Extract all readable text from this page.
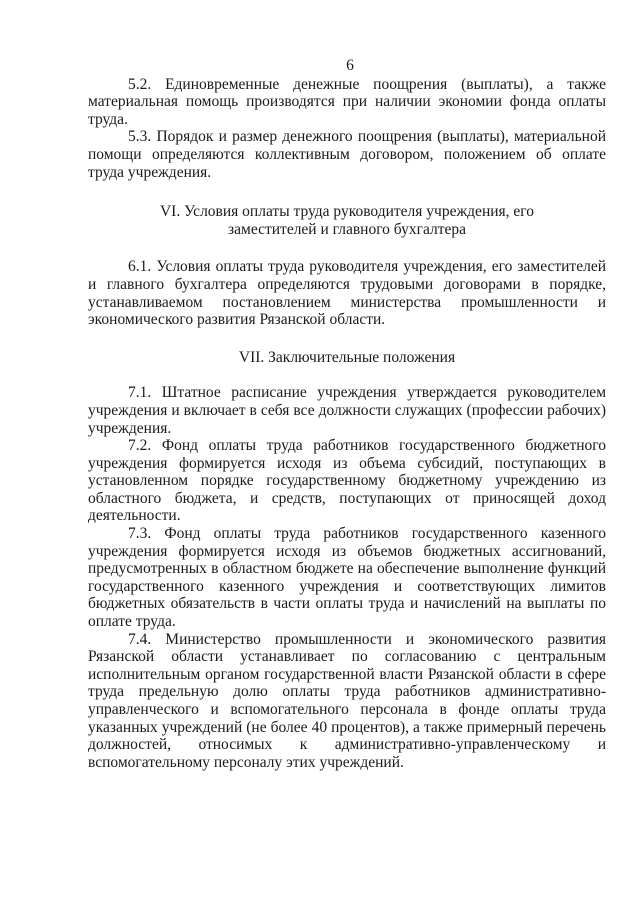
6

5.2. Единовременные денежные поощрения (выплаты), а также материальная помощь производятся при наличии экономии фонда оплаты труда.

5.3. Порядок и размер денежного поощрения (выплаты), материальной помощи определяются коллективным договором, положением об оплате труда учреждения.

VI. Условия оплаты труда руководителя учреждения, его

заместителей и главного бухгалтера

6.1. Условия оплаты труда руководителя учреждения, его заместителей и главного бухгалтера определяются трудовыми договорами в порядке, устанавливаемом постановлением министерства промышленности и экономического развития Рязанской области.

VII. Заключительные положения

7.1. Штатное расписание учреждения утверждается руководителем учреждения и включает в себя все должности служащих (профессии рабочих) учреждения.

7.2. Фонд оплаты труда работников государственного бюджетного учреждения формируется исходя из объема субсидий, поступающих в установленном порядке государственному бюджетному учреждению из областного бюджета, и средств, поступающих от приносящей доход деятельности.

7.3. Фонд оплаты труда работников государственного казенного учреждения формируется исходя из объемов бюджетных ассигнований, предусмотренных в областном бюджете на обеспечение выполнение функций государственного казенного учреждения и соответствующих лимитов бюджетных обязательств в части оплаты труда и начислений на выплаты по оплате труда.

7.4. Министерство промышленности и экономического развития Рязанской области устанавливает по согласованию с центральным исполнительным органом государственной власти Рязанской области в сфере труда предельную долю оплаты труда работников административно-управленческого и вспомогательного персонала в фонде оплаты труда указанных учреждений (не более 40 процентов), а также примерный перечень должностей, относимых к административно-управленческому и вспомогательному персоналу этих учреждений.
